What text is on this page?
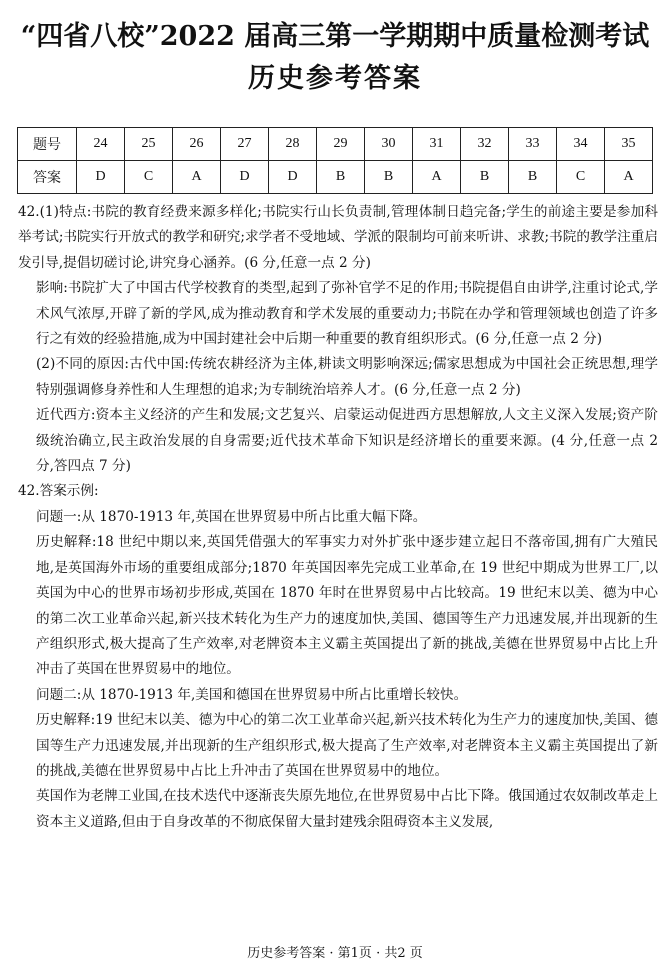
“四省八校”2022 届高三第一学期期中质量检测考试
历史参考答案
题号	24	25	26	27	28	29	30	31	32	33	34	35
答案	D	C	A	D	D	B	B	A	B	B	C	A

42.(1)特点:书院的教育经费来源多样化;书院实行山长负责制,管理体制日趋完备;学生的前途主要是参加科举考试;书院实行开放式的教学和研究;求学者不受地域、学派的限制均可前来听讲、求教;书院的教学注重启发引导,提倡切磋讨论,讲究身心涵养。(6 分,任意一点 2 分)

影响:书院扩大了中国古代学校教育的类型,起到了弥补官学不足的作用;书院提倡自由讲学,注重讨论式,学术风气浓厚,开辟了新的学风,成为推动教育和学术发展的重要动力;书院在办学和管理领域也创造了许多行之有效的经验措施,成为中国封建社会中后期一种重要的教育组织形式。(6 分,任意一点 2 分)

(2)不同的原因:古代中国:传统农耕经济为主体,耕读文明影响深远;儒家思想成为中国社会正统思想,理学特别强调修身养性和人生理想的追求;为专制统治培养人才。(6 分,任意一点 2 分)

近代西方:资本主义经济的产生和发展;文艺复兴、启蒙运动促进西方思想解放,人文主义深入发展;资产阶级统治确立,民主政治发展的自身需要;近代技术革命下知识是经济增长的重要来源。(4 分,任意一点 2 分,答四点 7 分)

42.答案示例:

问题一:从 1870-1913 年,英国在世界贸易中所占比重大幅下降。

历史解释:18 世纪中期以来,英国凭借强大的军事实力对外扩张中逐步建立起日不落帝国,拥有广大殖民地,是英国海外市场的重要组成部分;1870 年英国因率先完成工业革命,在 19 世纪中期成为世界工厂,以英国为中心的世界市场初步形成,英国在 1870 年时在世界贸易中占比较高。19 世纪末以美、德为中心的第二次工业革命兴起,新兴技术转化为生产力的速度加快,美国、德国等生产力迅速发展,并出现新的生产组织形式,极大提高了生产效率,对老牌资本主义霸主英国提出了新的挑战,美德在世界贸易中占比上升冲击了英国在世界贸易中的地位。

问题二:从 1870-1913 年,美国和德国在世界贸易中所占比重增长较快。

历史解释:19 世纪末以美、德为中心的第二次工业革命兴起,新兴技术转化为生产力的速度加快,美国、德国等生产力迅速发展,并出现新的生产组织形式,极大提高了生产效率,对老牌资本主义霸主英国提出了新的挑战,美德在世界贸易中占比上升冲击了英国在世界贸易中的地位。

英国作为老牌工业国,在技术迭代中逐渐丧失原先地位,在世界贸易中占比下降。俄国通过农奴制改革走上资本主义道路,但由于自身改革的不彻底保留大量封建残余阻碍资本主义发展,

历史参考答案 · 第1页 · 共2 页
